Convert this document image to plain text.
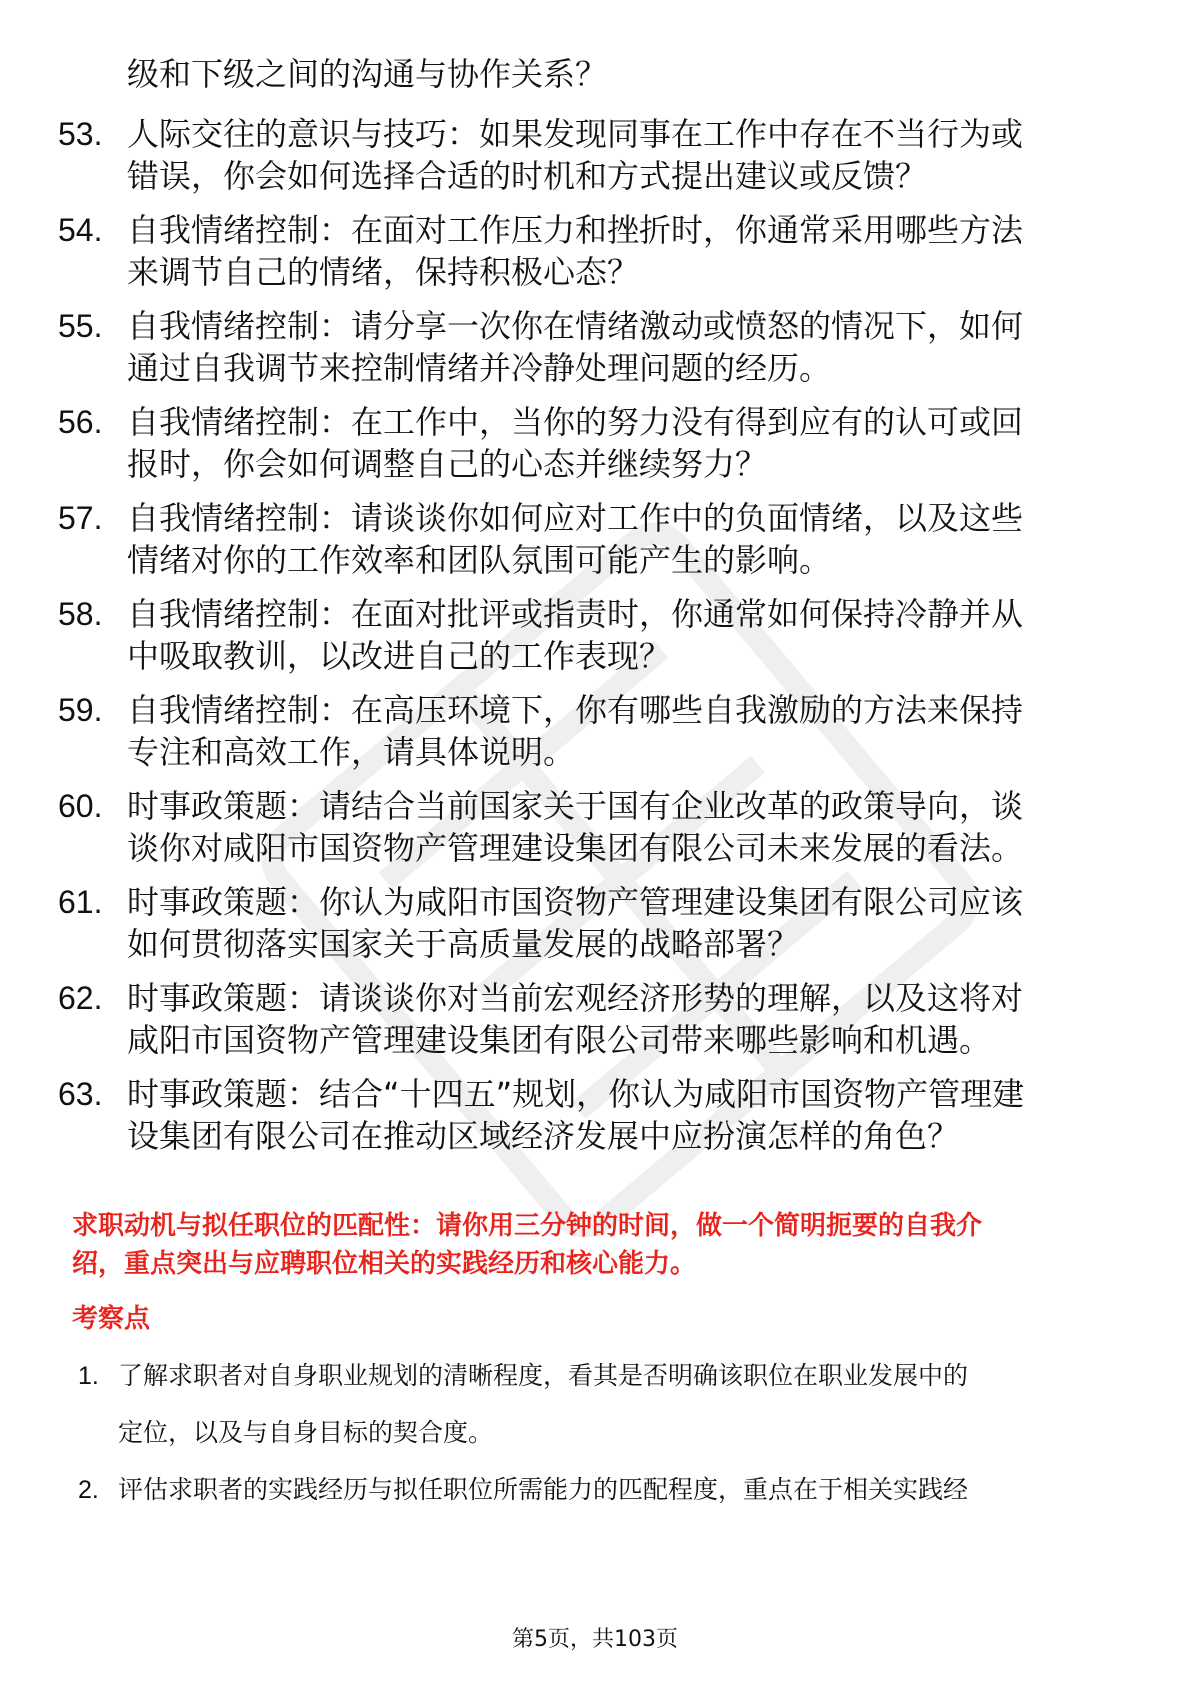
级和下级之间的沟通与协作关系？
53. 人际交往的意识与技巧：如果发现同事在工作中存在不当行为或
错误，你会如何选择合适的时机和方式提出建议或反馈？
54. 自我情绪控制：在面对工作压力和挫折时，你通常采用哪些方法
来调节自己的情绪，保持积极心态？
55. 自我情绪控制：请分享一次你在情绪激动或愤怒的情况下，如何
通过自我调节来控制情绪并冷静处理问题的经历。
56. 自我情绪控制：在工作中，当你的努力没有得到应有的认可或回
报时，你会如何调整自己的心态并继续努力？
57. 自我情绪控制：请谈谈你如何应对工作中的负面情绪，以及这些
情绪对你的工作效率和团队氛围可能产生的影响。
58. 自我情绪控制：在面对批评或指责时，你通常如何保持冷静并从
中吸取教训，以改进自己的工作表现？
59. 自我情绪控制：在高压环境下，你有哪些自我激励的方法来保持
专注和高效工作，请具体说明。
60. 时事政策题：请结合当前国家关于国有企业改革的政策导向，谈
谈你对咸阳市国资物产管理建设集团有限公司未来发展的看法。
61. 时事政策题：你认为咸阳市国资物产管理建设集团有限公司应该
如何贯彻落实国家关于高质量发展的战略部署？
62. 时事政策题：请谈谈你对当前宏观经济形势的理解，以及这将对
咸阳市国资物产管理建设集团有限公司带来哪些影响和机遇。
63. 时事政策题：结合“十四五”规划，你认为咸阳市国资物产管理建
设集团有限公司在推动区域经济发展中应扮演怎样的角色？
求职动机与拟任职位的匹配性：请你用三分钟的时间，做一个简明扼要的自我介
绍，重点突出与应聘职位相关的实践经历和核心能力。
考察点
1. 了解求职者对自身职业规划的清晰程度，看其是否明确该职位在职业发展中的
定位，以及与自身目标的契合度。
2. 评估求职者的实践经历与拟任职位所需能力的匹配程度，重点在于相关实践经
第5页，共103页
